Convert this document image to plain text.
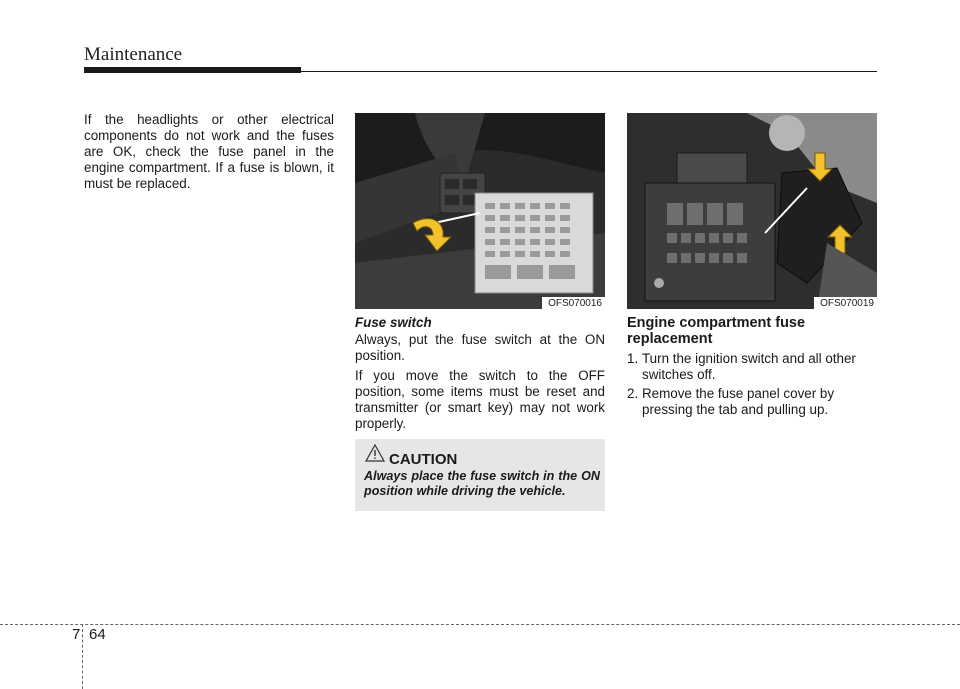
Maintenance
If the headlights or other electrical components do not work and the fuses are OK, check the fuse panel in the engine compartment. If a fuse is blown, it must be replaced.
OFS070016	OFS070019
Fuse switch

Always, put the fuse switch at the ON position.

If you move the switch to the OFF position, some items must be reset and transmitter (or smart key) may not work properly.

CAUTION
Always place the fuse switch in the ON position while driving the vehicle.
Engine compartment fuse replacement
1. Turn the ignition switch and all other switches off.
2. Remove the fuse panel cover by pressing the tab and pulling up.
7 64
